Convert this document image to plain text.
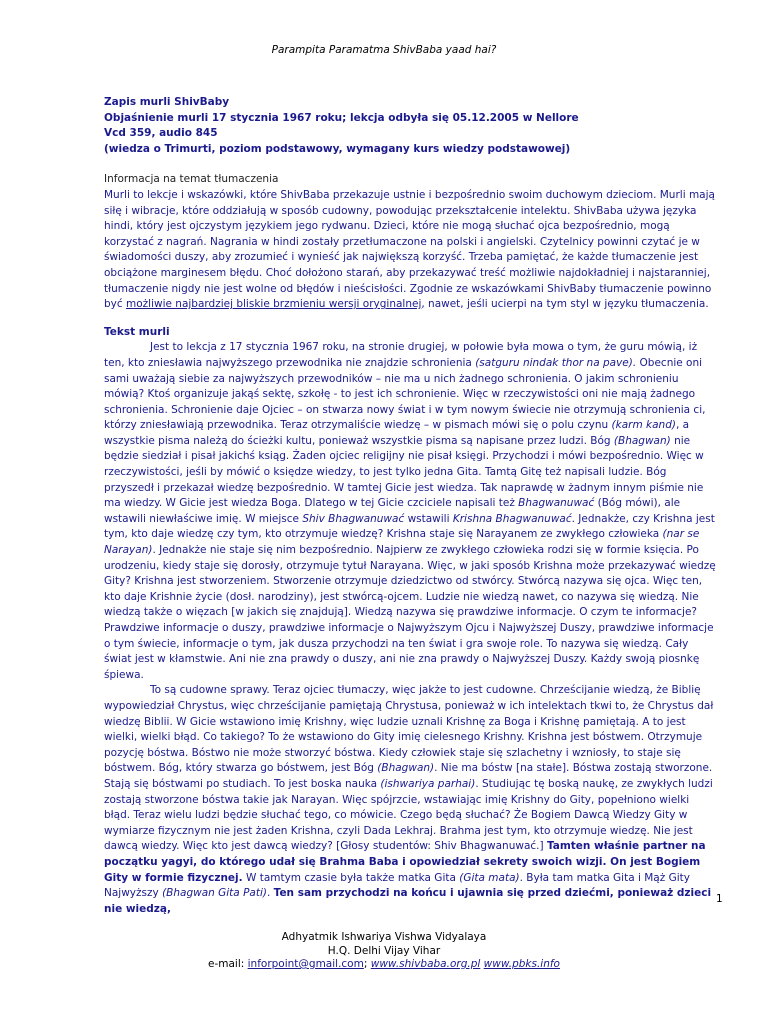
Parampita Paramatma ShivBaba yaad hai?

Zapis murli ShivBaby

Objaśnienie murli 17 stycznia 1967 roku; lekcja odbyła się 05.12.2005 w Nellore

Vcd 359, audio 845

(wiedza o Trimurti, poziom podstawowy, wymagany kurs wiedzy podstawowej)

Informacja na temat tłumaczenia

Murli to lekcje i wskazówki, które ShivBaba przekazuje ustnie i bezpośrednio swoim duchowym dzieciom. Murli mają siłę i wibracje, które oddziałują w sposób cudowny, powodując przekształcenie intelektu. ShivBaba używa języka hindi, który jest ojczystym językiem jego rydwanu. Dzieci, które nie mogą słuchać ojca bezpośrednio, mogą korzystać z nagrań. Nagrania w hindi zostały przetłumaczone na polski i angielski. Czytelnicy powinni czytać je w świadomości duszy, aby zrozumieć i wynieść jak największą korzyść. Trzeba pamiętać, że każde tłumaczenie jest obciążone marginesem błędu. Choć dołożono starań, aby przekazywać treść możliwie najdokładniej i najstaranniej, tłumaczenie nigdy nie jest wolne od błędów i nieścisłości. Zgodnie ze wskazówkami ShivBaby tłumaczenie powinno być możliwie najbardziej bliskie brzmieniu wersji oryginalnej, nawet, jeśli ucierpi na tym styl w języku tłumaczenia.

Tekst murli

Jest to lekcja z 17 stycznia 1967 roku, na stronie drugiej, w połowie była mowa o tym, że guru mówią, iż ten, kto zniesławia najwyższego przewodnika nie znajdzie schronienia (satguru nindak thor na pave). Obecnie oni sami uważają siebie za najwyższych przewodników – nie ma u nich żadnego schronienia. O jakim schronieniu mówią? Ktoś organizuje jakąś sektę, szkołę - to jest ich schronienie. Więc w rzeczywistości oni nie mają żadnego schronienia. Schronienie daje Ojciec – on stwarza nowy świat i w tym nowym świecie nie otrzymują schronienia ci, którzy zniesławiają przewodnika. Teraz otrzymaliście wiedzę – w pismach mówi się o polu czynu (karm kand), a wszystkie pisma należą do ścieżki kultu, ponieważ wszystkie pisma są napisane przez ludzi. Bóg (Bhagwan) nie będzie siedział i pisał jakichś ksiąg. Żaden ojciec religijny nie pisał księgi. Przychodzi i mówi bezpośrednio. Więc w rzeczywistości, jeśli by mówić o księdze wiedzy, to jest tylko jedna Gita. Tamtą Gitę też napisali ludzie. Bóg przyszedł i przekazał wiedzę bezpośrednio. W tamtej Gicie jest wiedza. Tak naprawdę w żadnym innym piśmie nie ma wiedzy. W Gicie jest wiedza Boga. Dlatego w tej Gicie czciciele napisali też Bhagwanuwać (Bóg mówi), ale wstawili niewłaściwe imię. W miejsce Shiv Bhagwanuwać wstawili Krishna Bhagwanuwać. Jednakże, czy Krishna jest tym, kto daje wiedzę czy tym, kto otrzymuje wiedzę? Krishna staje się Narayanem ze zwykłego człowieka (nar se Narayan). Jednakże nie staje się nim bezpośrednio. Najpierw ze zwykłego człowieka rodzi się w formie księcia. Po urodzeniu, kiedy staje się dorosły, otrzymuje tytuł Narayana. Więc, w jaki sposób Krishna może przekazywać wiedzę Gity? Krishna jest stworzeniem. Stworzenie otrzymuje dziedzictwo od stwórcy. Stwórcą nazywa się ojca. Więc ten, kto daje Krishnie życie (dosł. narodziny), jest stwórcą-ojcem. Ludzie nie wiedzą nawet, co nazywa się wiedzą. Nie wiedzą także o więzach [w jakich się znajdują]. Wiedzą nazywa się prawdziwe informacje. O czym te informacje? Prawdziwe informacje o duszy, prawdziwe informacje o Najwyższym Ojcu i Najwyższej Duszy, prawdziwe informacje o tym świecie, informacje o tym, jak dusza przychodzi na ten świat i gra swoje role. To nazywa się wiedzą. Cały świat jest w kłamstwie. Ani nie zna prawdy o duszy, ani nie zna prawdy o Najwyższej Duszy. Każdy swoją piosnkę śpiewa.

To są cudowne sprawy. Teraz ojciec tłumaczy, więc jakże to jest cudowne. Chrześcijanie wiedzą, że Biblię wypowiedział Chrystus, więc chrześcijanie pamiętają Chrystusa, ponieważ w ich intelektach tkwi to, że Chrystus dał wiedzę Biblii. W Gicie wstawiono imię Krishny, więc ludzie uznali Krishnę za Boga i Krishnę pamiętają. A to jest wielki, wielki błąd. Co takiego? To że wstawiono do Gity imię cielesnego Krishny. Krishna jest bóstwem. Otrzymuje pozycję bóstwa. Bóstwo nie może stworzyć bóstwa. Kiedy człowiek staje się szlachetny i wzniosły, to staje się bóstwem. Bóg, który stwarza go bóstwem, jest Bóg (Bhagwan). Nie ma bóstw [na stałe]. Bóstwa zostają stworzone. Stają się bóstwami po studiach. To jest boska nauka (ishwariya parhai). Studiując tę boską naukę, ze zwykłych ludzi zostają stworzone bóstwa takie jak Narayan. Więc spójrzcie, wstawiając imię Krishny do Gity, popełniono wielki błąd. Teraz wielu ludzi będzie słuchać tego, co mówicie. Czego będą słuchać? Że Bogiem Dawcą Wiedzy Gity w wymiarze fizycznym nie jest żaden Krishna, czyli Dada Lekhraj. Brahma jest tym, kto otrzymuje wiedzę. Nie jest dawcą wiedzy. Więc kto jest dawcą wiedzy? [Głosy studentów: Shiv Bhagwanuwać.] Tamten właśnie partner na początku yagyi, do którego udał się Brahma Baba i opowiedział sekrety swoich wizji. On jest Bogiem Gity w formie fizycznej. W tamtym czasie była także matka Gita (Gita mata). Była tam matka Gita i Mąż Gity Najwyższy (Bhagwan Gita Pati). Ten sam przychodzi na końcu i ujawnia się przed dziećmi, ponieważ dzieci nie wiedzą,

1
Adhyatmik Ishwariya Vishwa Vidyalaya
H.Q. Delhi Vijay Vihar
e-mail: inforpoint@gmail.com; www.shivbaba.org.pl www.pbks.info
